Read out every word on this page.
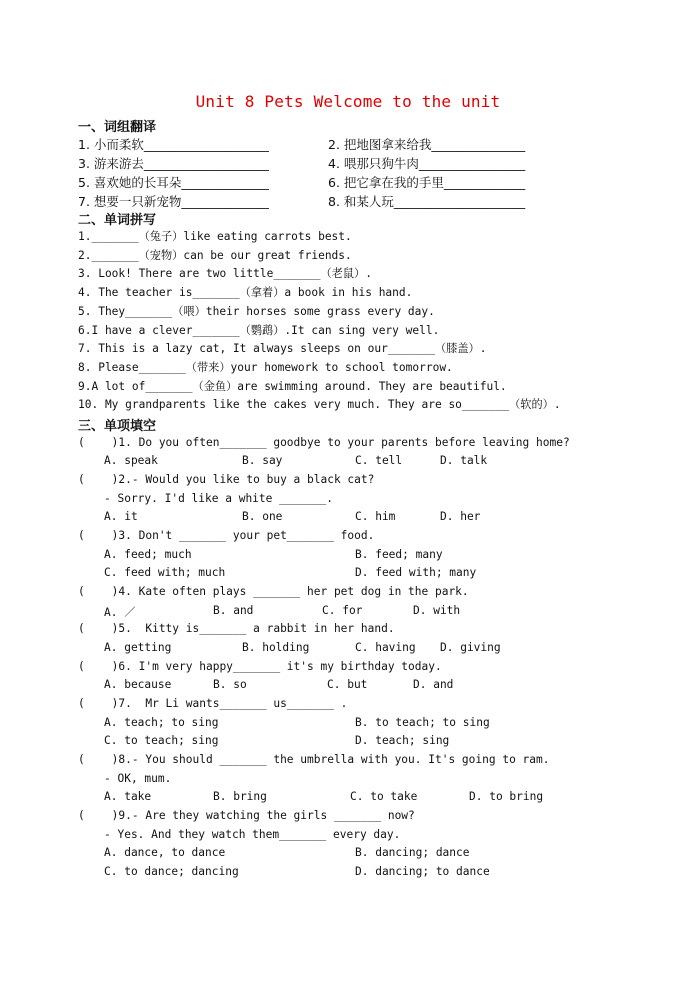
Unit 8 Pets Welcome to the unit
一、词组翻译
1. 小而柔软____________________	2. 把地图拿来给我_______________
3. 游来游去____________________	4. 喂那只狗牛肉_________________
5. 喜欢她的长耳朵______________	6. 把它拿在我的手里_____________
7. 想要一只新宠物______________	8. 和某人玩_____________________
二、单词拼写
1._______（兔子）like eating carrots best.
2._______（宠物）can be our great friends.
3. Look! There are two little_______（老鼠）.
4. The teacher is_______（拿着）a book in his hand.
5. They_______（喂）their horses some grass every day.
6.I have a clever_______（鹦鹉）.It can sing very well.
7. This is a lazy cat, It always sleeps on our_______（膝盖）.
8. Please_______（带来）your homework to school tomorrow.
9.A lot of_______（金鱼）are swimming around. They are beautiful.
10. My grandparents like the cakes very much. They are so_______（软的）.
三、单项填空
(    )1. Do you often_______ goodbye to your parents before leaving home?
A. speak	B. say	C. tell	D. talk
(    )2.- Would you like to buy a black cat?
- Sorry. I'd like a white _______.
A. it	B. one	C. him	D. her
(    )3. Don't _______ your pet_______ food.
A. feed; much	B. feed; many
C. feed with; much	D. feed with; many
(    )4. Kate often plays _______ her pet dog in the park.
A. ／	B. and	C. for	D. with
(    )5.  Kitty is_______ a rabbit in her hand.
A. getting	B. holding	C. having D. giving
(    )6. I'm very happy_______ it's my birthday today.
A. because	B. so	C. but	D. and
(    )7.  Mr Li wants_______ us_______ .
A. teach; to sing	B. to teach; to sing
C. to teach; sing	D. teach; sing
(    )8.- You should _______ the umbrella with you. It's going to ram.
- OK, mum.
A. take	B. bring	C. to take	D. to bring
(    )9.- Are they watching the girls _______ now?
- Yes. And they watch them_______ every day.
A. dance, to dance	B. dancing; dance
C. to dance; dancing	D. dancing; to dance
